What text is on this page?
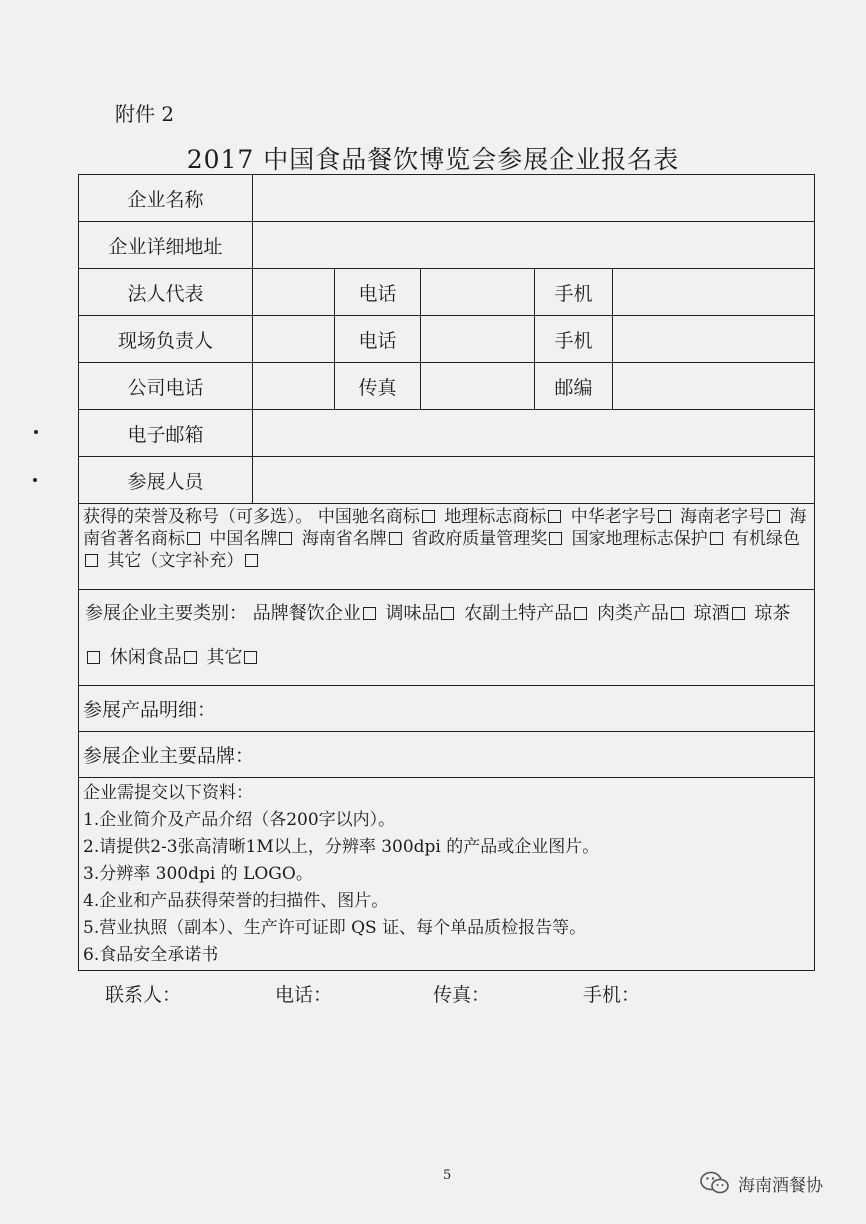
附件 2
2017 中国食品餐饮博览会参展企业报名表
企业名称
企业详细地址
法人代表	电话	手机
现场负责人	电话	手机
公司电话	传真	邮编
电子邮箱
参展人员
获得的荣誉及称号（可多选）。 中国驰名商标 地理标志商标 中华老字号 海南老字号 海南省著名商标 中国名牌 海南省名牌 省政府质量管理奖 国家地理标志保护 有机绿色 其它（文字补充）
参展企业主要类别： 品牌餐饮企业 调味品 农副土特产品 肉类产品 琼酒 琼茶 休闲食品 其它
参展产品明细：
参展企业主要品牌：
企业需提交以下资料：
1.企业简介及产品介绍（各200字以内）。
2.请提供2-3张高清晰1M以上，分辨率 300dpi 的产品或企业图片。
3.分辨率 300dpi 的 LOGO。
4.企业和产品获得荣誉的扫描件、图片。
5.营业执照（副本）、生产许可证即 QS 证、每个单品质检报告等。
6.食品安全承诺书
联系人：	电话：	传真：	手机：
5	海南酒餐协
